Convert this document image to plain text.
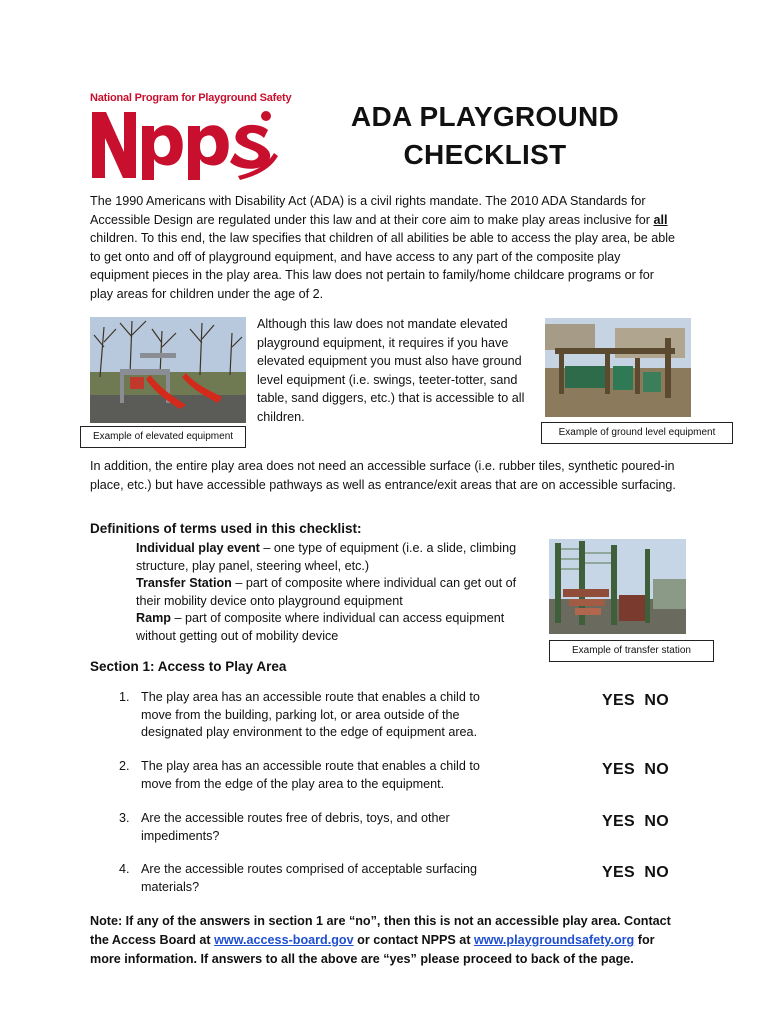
National Program for Playground Safety
ADA PLAYGROUND
CHECKLIST
The 1990 Americans with Disability Act (ADA) is a civil rights mandate. The 2010 ADA Standards for Accessible Design are regulated under this law and at their core aim to make play areas inclusive for all children. To this end, the law specifies that children of all abilities be able to access the play area, be able to get onto and off of playground equipment, and have access to any part of the composite play equipment pieces in the play area. This law does not pertain to family/home childcare programs or for play areas for children under the age of 2.
Example of elevated equipment
Although this law does not mandate elevated playground equipment, it requires if you have elevated equipment you must also have ground level equipment (i.e. swings, teeter-totter, sand table, sand diggers, etc.) that is accessible to all children.
Example of ground level equipment
In addition, the entire play area does not need an accessible surface (i.e. rubber tiles, synthetic poured-in place, etc.) but have accessible pathways as well as entrance/exit areas that are on accessible surfacing.
Definitions of terms used in this checklist:
Individual play event – one type of equipment (i.e. a slide, climbing structure, play panel, steering wheel, etc.)
Transfer Station – part of composite where individual can get out of their mobility device onto playground equipment
Ramp – part of composite where individual can access equipment without getting out of mobility device
Example of transfer station
Section 1: Access to Play Area
1. The play area has an accessible route that enables a child to move from the building, parking lot, or area outside of the designated play environment to the edge of equipment area.
YES NO
2. The play area has an accessible route that enables a child to move from the edge of the play area to the equipment.
YES NO
3. Are the accessible routes free of debris, toys, and other impediments?
YES NO
4. Are the accessible routes comprised of acceptable surfacing materials?
YES NO
Note: If any of the answers in section 1 are “no”, then this is not an accessible play area. Contact the Access Board at www.access-board.gov or contact NPPS at www.playgroundsafety.org for more information. If answers to all the above are “yes” please proceed to back of the page.
